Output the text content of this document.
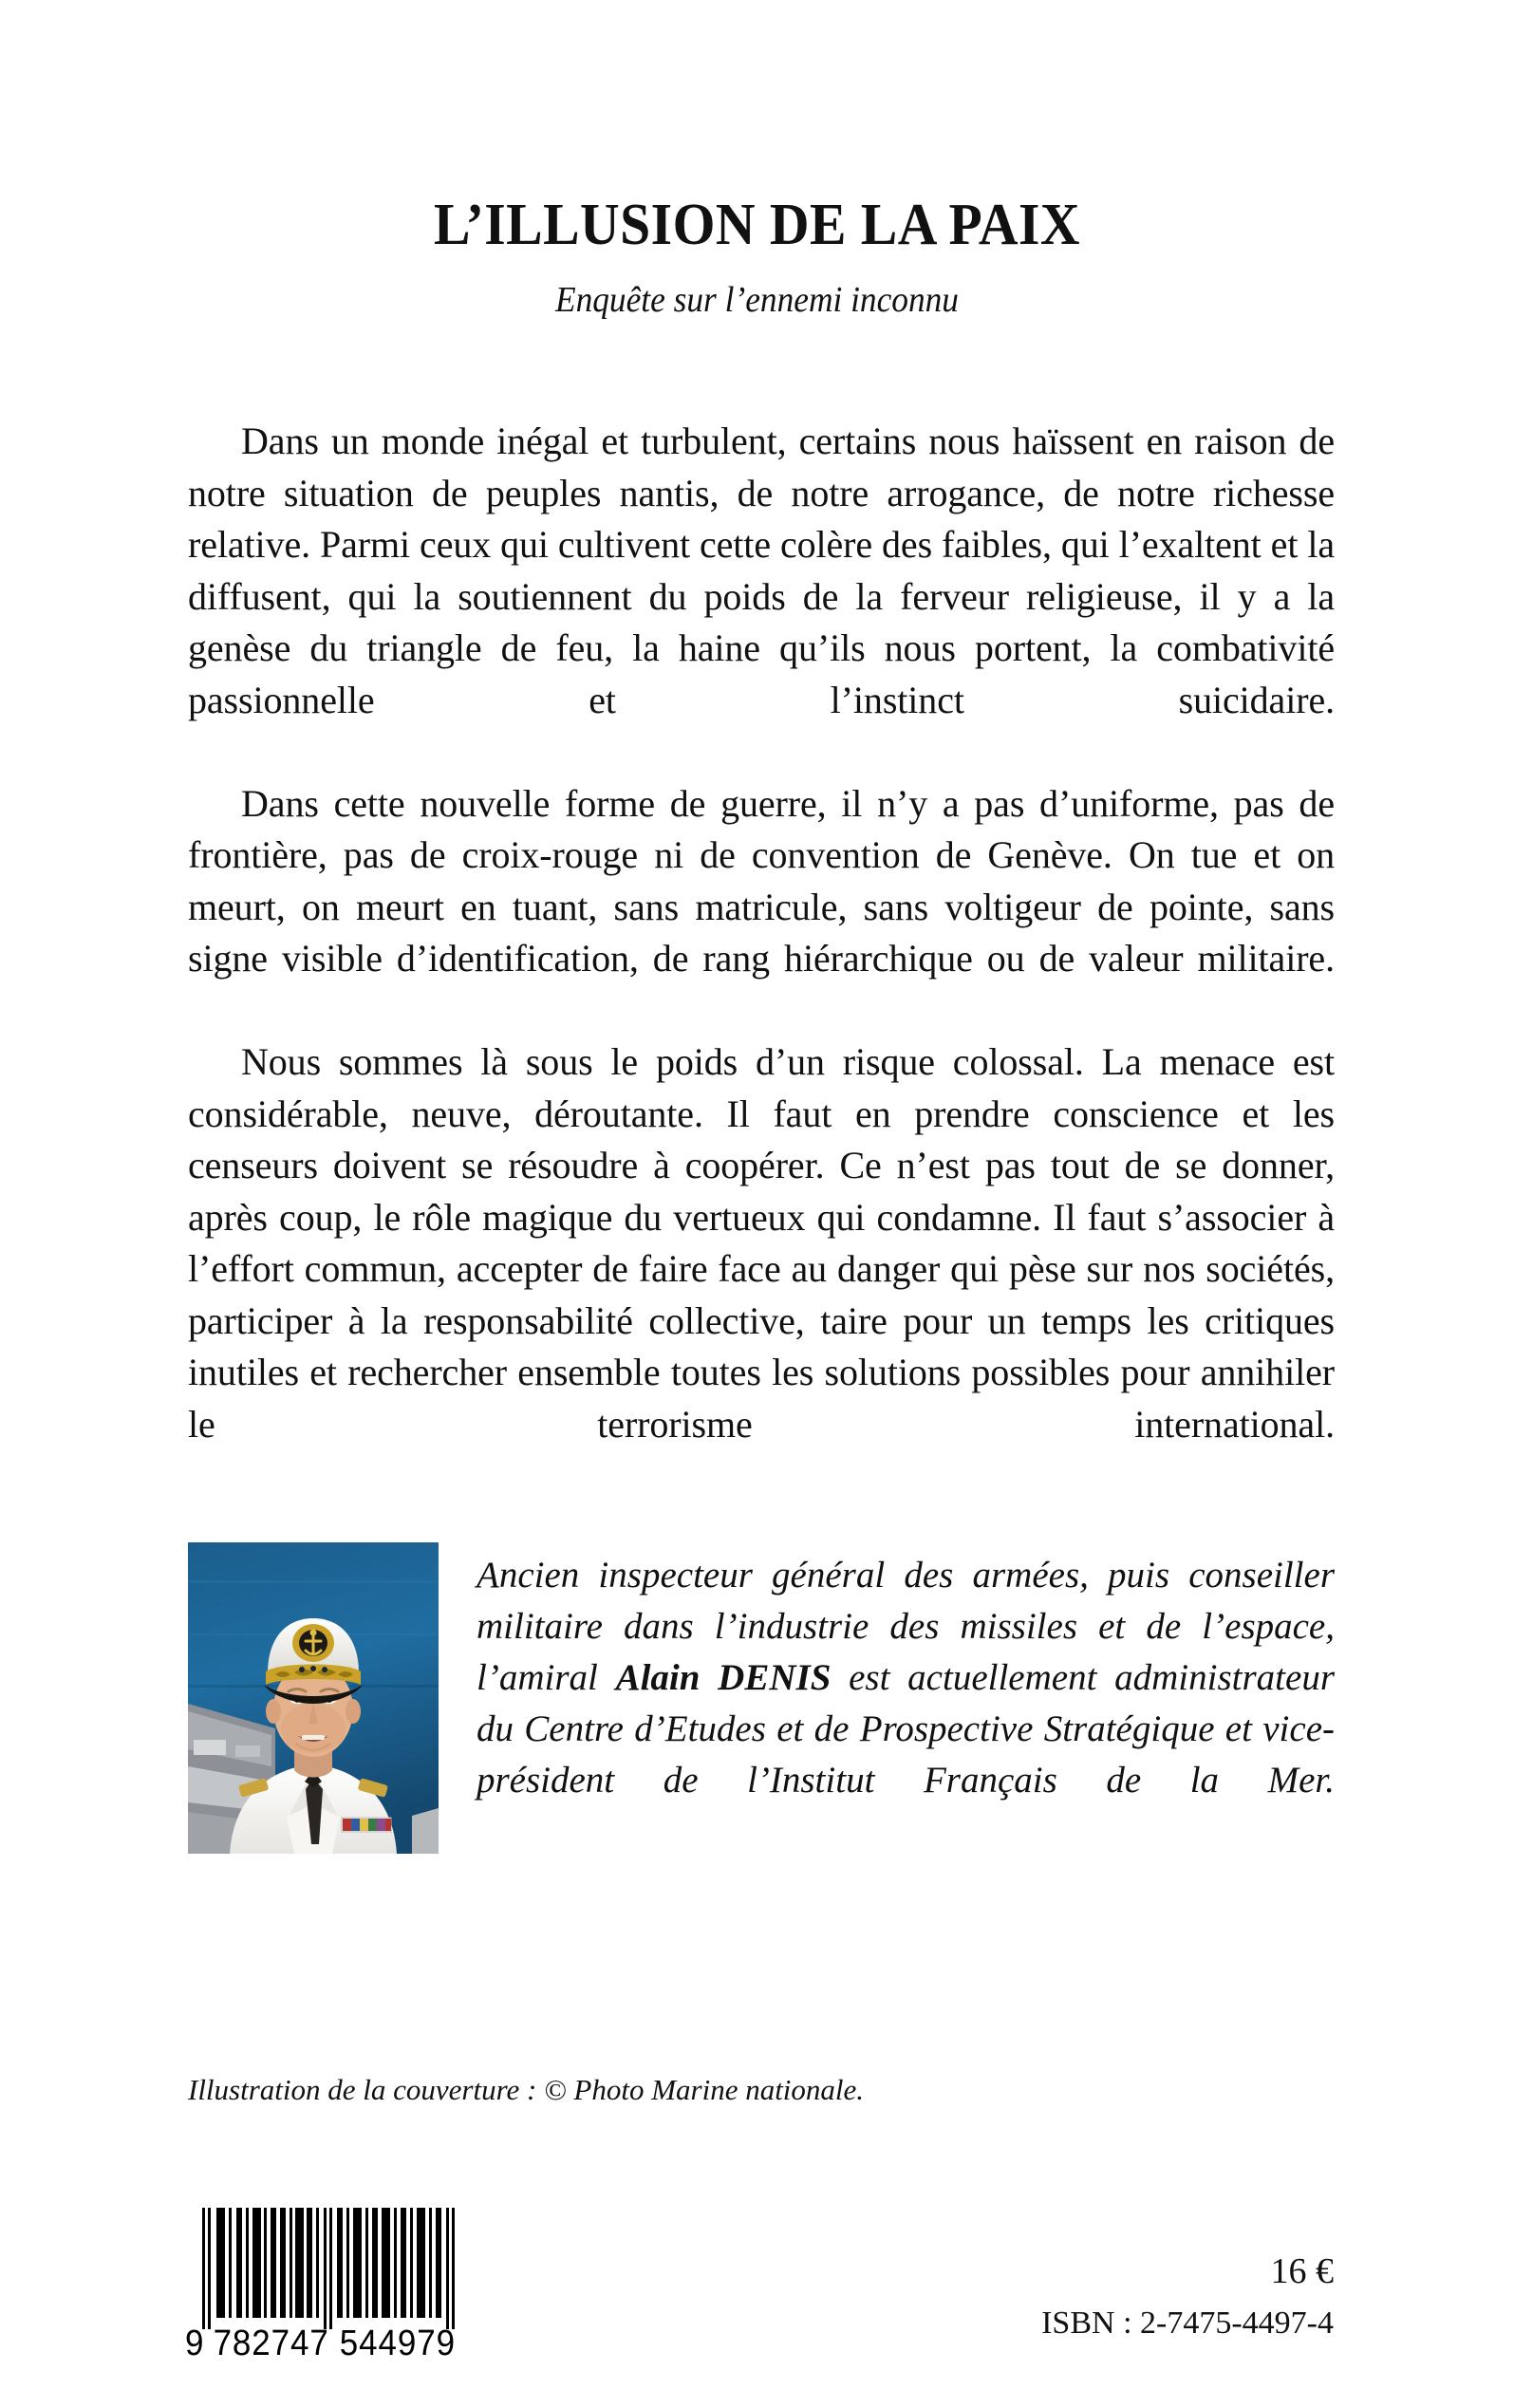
L’ILLUSION DE LA PAIX
Enquête sur l’ennemi inconnu

Dans un monde inégal et turbulent, certains nous haïssent en raison de notre situation de peuples nantis, de notre arrogance, de notre richesse relative. Parmi ceux qui cultivent cette colère des faibles, qui l’exaltent et la diffusent, qui la soutiennent du poids de la ferveur religieuse, il y a la genèse du triangle de feu, la haine qu’ils nous portent, la combativité passionnelle et l’instinct suicidaire.

Dans cette nouvelle forme de guerre, il n’y a pas d’uniforme, pas de frontière, pas de croix-rouge ni de convention de Genève. On tue et on meurt, on meurt en tuant, sans matricule, sans voltigeur de pointe, sans signe visible d’identification, de rang hiérarchique ou de valeur militaire.

Nous sommes là sous le poids d’un risque colossal. La menace est considérable, neuve, déroutante. Il faut en prendre conscience et les censeurs doivent se résoudre à coopérer. Ce n’est pas tout de se donner, après coup, le rôle magique du vertueux qui condamne. Il faut s’associer à l’effort commun, accepter de faire face au danger qui pèse sur nos sociétés, participer à la responsabilité collective, taire pour un temps les critiques inutiles et rechercher ensemble toutes les solutions possibles pour annihiler le terrorisme international.

Ancien inspecteur général des armées, puis conseiller militaire dans l’industrie des missiles et de l’espace, l’amiral Alain DENIS est actuellement administrateur du Centre d’Etudes et de Prospective Stratégique et vice-président de l’Institut Français de la Mer.

Illustration de la couverture : © Photo Marine nationale.
9 782747 544979
16 €
ISBN : 2-7475-4497-4
